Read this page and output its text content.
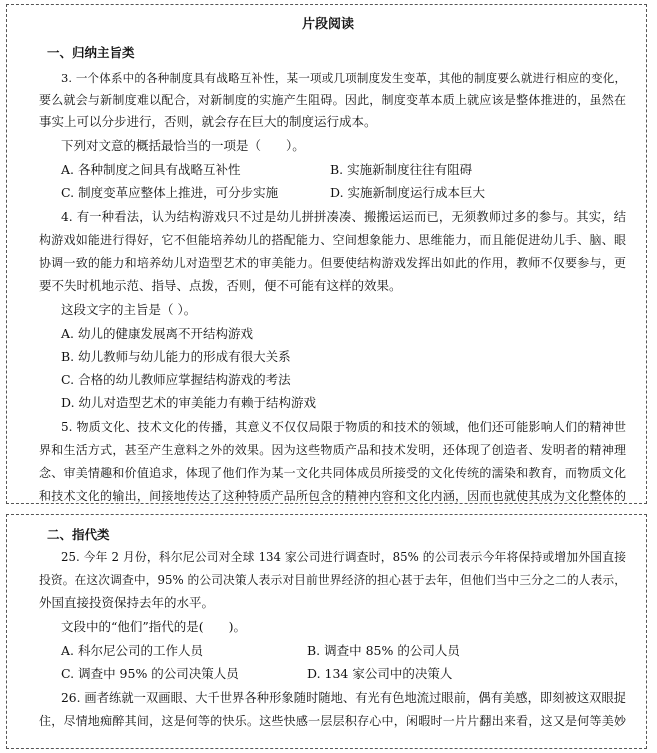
片段阅读
一、归纳主旨类
3. 一个体系中的各种制度具有战略互补性，某一项或几项制度发生变革，其他的制度要么就进行相应的变化，
要么就会与新制度难以配合，对新制度的实施产生阻碍。因此，制度变革本质上就应该是整体推进的，虽然在
事实上可以分步进行，否则，就会存在巨大的制度运行成本。
下列对文意的概括最恰当的一项是（　　）。
A. 各种制度之间具有战略互补性	B. 实施新制度往往有阻碍
C. 制度变革应整体上推进，可分步实施	D. 实施新制度运行成本巨大
4. 有一种看法，认为结构游戏只不过是幼儿拼拼凑凑、搬搬运运而已，无须教师过多的参与。其实，结
构游戏如能进行得好，它不但能培养幼儿的搭配能力、空间想象能力、思维能力，而且能促进幼儿手、脑、眼
协调一致的能力和培养幼儿对造型艺术的审美能力。但要使结构游戏发挥出如此的作用，教师不仅要参与，更
要不失时机地示范、指导、点拨，否则，便不可能有这样的效果。
这段文字的主旨是（ ）。
A. 幼儿的健康发展离不开结构游戏
B. 幼儿教师与幼儿能力的形成有很大关系
C. 合格的幼儿教师应掌握结构游戏的考法
D. 幼儿对造型艺术的审美能力有赖于结构游戏
5. 物质文化、技术文化的传播，其意义不仅仅局限于物质的和技术的领域，他们还可能影响人们的精神世
界和生活方式，甚至产生意料之外的效果。因为这些物质产品和技术发明，还体现了创造者、发明者的精神理
念、审美情趣和价值追求，体现了他们作为某一文化共同体成员所接受的文化传统的濡染和教育，而物质文化
和技术文化的输出，间接地传达了这种特质产品所包含的精神内容和文化内涵，因而也就使其成为文化整体的
二、指代类
25. 今年 2 月份，科尔尼公司对全球 134 家公司进行调查时，85% 的公司表示今年将保持或增加外国直接
投资。在这次调查中，95% 的公司决策人表示对目前世界经济的担心甚于去年，但他们当中三分之二的人表示，
外国直接投资保持去年的水平。
文段中的“他们”指代的是(　　)。
A. 科尔尼公司的工作人员	B. 调查中 85% 的公司人员
C. 调查中 95% 的公司决策人员	D. 134 家公司中的决策人
26. 画者练就一双画眼、大千世界各种形象随时随地、有光有色地流过眼前，偶有美感，即刻被这双眼捉
住，尽情地痴醉其间，这是何等的快乐。这些快感一层层积存心中，闲暇时一片片翻出来看，这又是何等美妙
